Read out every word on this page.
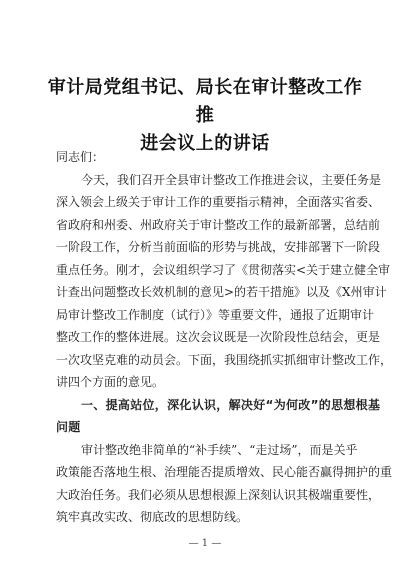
审计局党组书记、局长在审计整改工作推
进会议上的讲话
同志们：
今天，我们召开全县审计整改工作推进会议，主要任务是
深入领会上级关于审计工作的重要指示精神，全面落实省委、
省政府和州委、州政府关于审计整改工作的最新部署，总结前
一阶段工作，分析当前面临的形势与挑战，安排部署下一阶段
重点任务。刚才，会议组织学习了《贯彻落实<关于建立健全审
计查出问题整改长效机制的意见>的若干措施》以及《X州审计
局审计整改工作制度（试行）》等重要文件，通报了近期审计
整改工作的整体进展。这次会议既是一次阶段性总结会，更是
一次攻坚克难的动员会。下面，我围绕抓实抓细审计整改工作，
讲四个方面的意见。
一、提高站位，深化认识，解决好“为何改”的思想根基
问题
审计整改绝非简单的“补手续”、“走过场”，而是关乎
政策能否落地生根、治理能否提质增效、民心能否赢得拥护的重
大政治任务。我们必须从思想根源上深刻认识其极端重要性，
筑牢真改实改、彻底改的思想防线。
— 1 —
